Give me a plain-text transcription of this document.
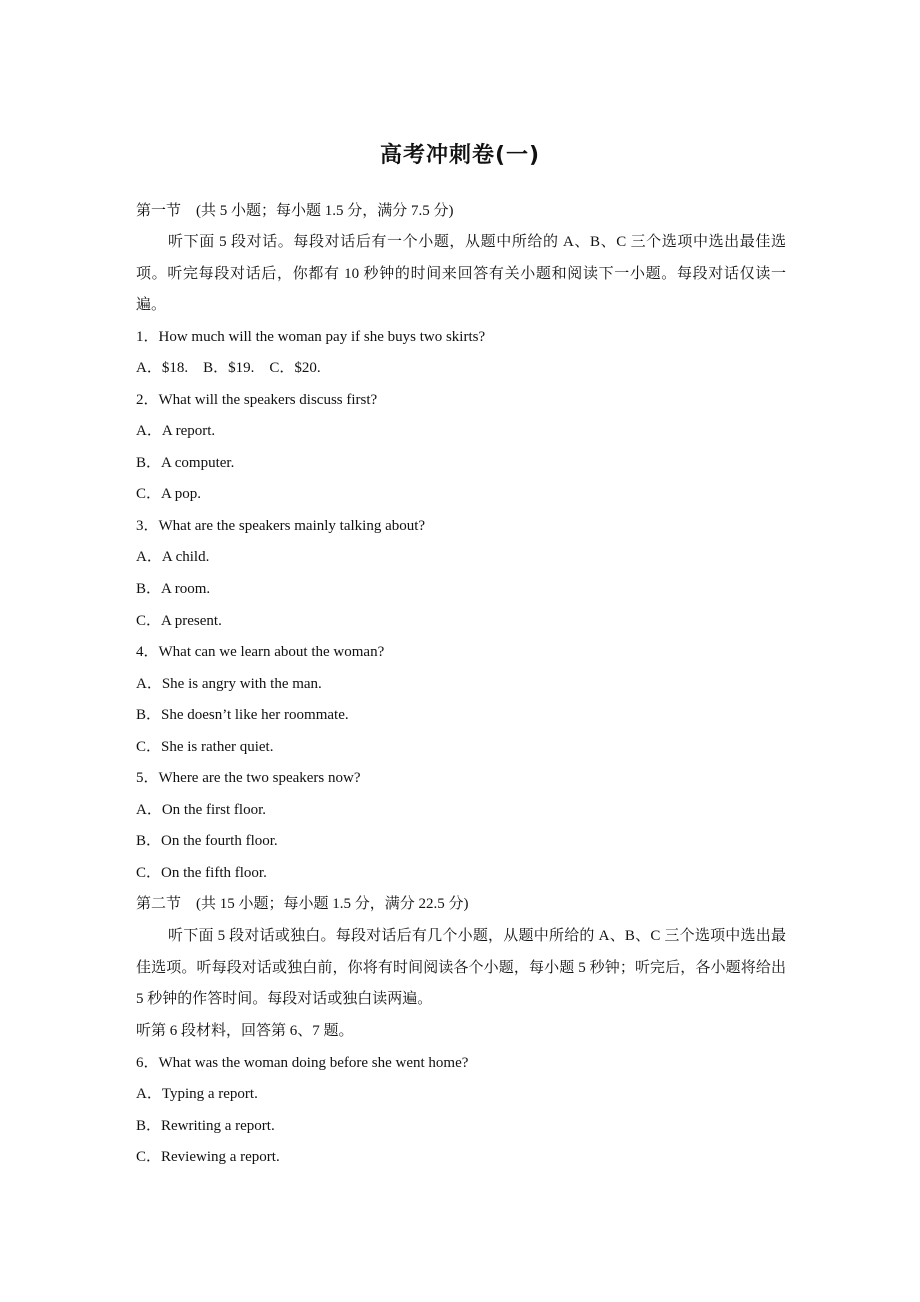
高考冲刺卷(一)
第一节　(共 5 小题；每小题 1.5 分，满分 7.5 分)
听下面 5 段对话。每段对话后有一个小题，从题中所给的 A、B、C 三个选项中选出最佳选项。听完每段对话后，你都有 10 秒钟的时间来回答有关小题和阅读下一小题。每段对话仅读一遍。
1．How much will the woman pay if she buys two skirts?
A．$18.　B．$19.　C．$20.
2．What will the speakers discuss first?
A．A report.
B．A computer.
C．A pop.
3．What are the speakers mainly talking about?
A．A child.
B．A room.
C．A present.
4．What can we learn about the woman?
A．She is angry with the man.
B．She doesn’t like her roommate.
C．She is rather quiet.
5．Where are the two speakers now?
A．On the first floor.
B．On the fourth floor.
C．On the fifth floor.
第二节　(共 15 小题；每小题 1.5 分，满分 22.5 分)
听下面 5 段对话或独白。每段对话后有几个小题，从题中所给的 A、B、C 三个选项中选出最佳选项。听每段对话或独白前，你将有时间阅读各个小题，每小题 5 秒钟；听完后，各小题将给出 5 秒钟的作答时间。每段对话或独白读两遍。
听第 6 段材料，回答第 6、7 题。
6．What was the woman doing before she went home?
A．Typing a report.
B．Rewriting a report.
C．Reviewing a report.
